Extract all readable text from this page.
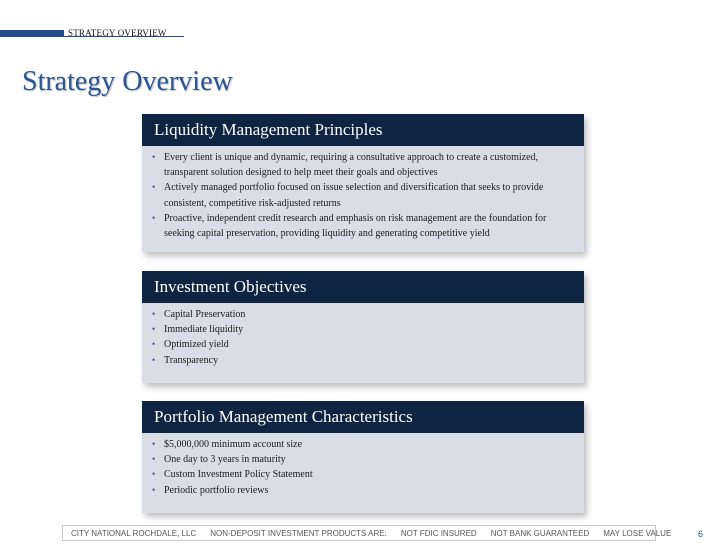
STRATEGY OVERVIEW
Strategy Overview
Liquidity Management Principles
• Every client is unique and dynamic, requiring a consultative approach to create a customized, transparent solution designed to help meet their goals and objectives
• Actively managed portfolio focused on issue selection and diversification that seeks to provide consistent, competitive risk-adjusted returns
• Proactive, independent credit research and emphasis on risk management are the foundation for seeking capital preservation, providing liquidity and generating competitive yield
Investment Objectives
• Capital Preservation
• Immediate liquidity
• Optimized yield
• Transparency
Portfolio Management Characteristics
• $5,000,000 minimum account size
• One day to 3 years in maturity
• Custom Investment Policy Statement
• Periodic portfolio reviews
CITY NATIONAL ROCHDALE, LLC NON-DEPOSIT INVESTMENT PRODUCTS ARE: NOT FDIC INSURED NOT BANK GUARANTEED MAY LOSE VALUE	6
